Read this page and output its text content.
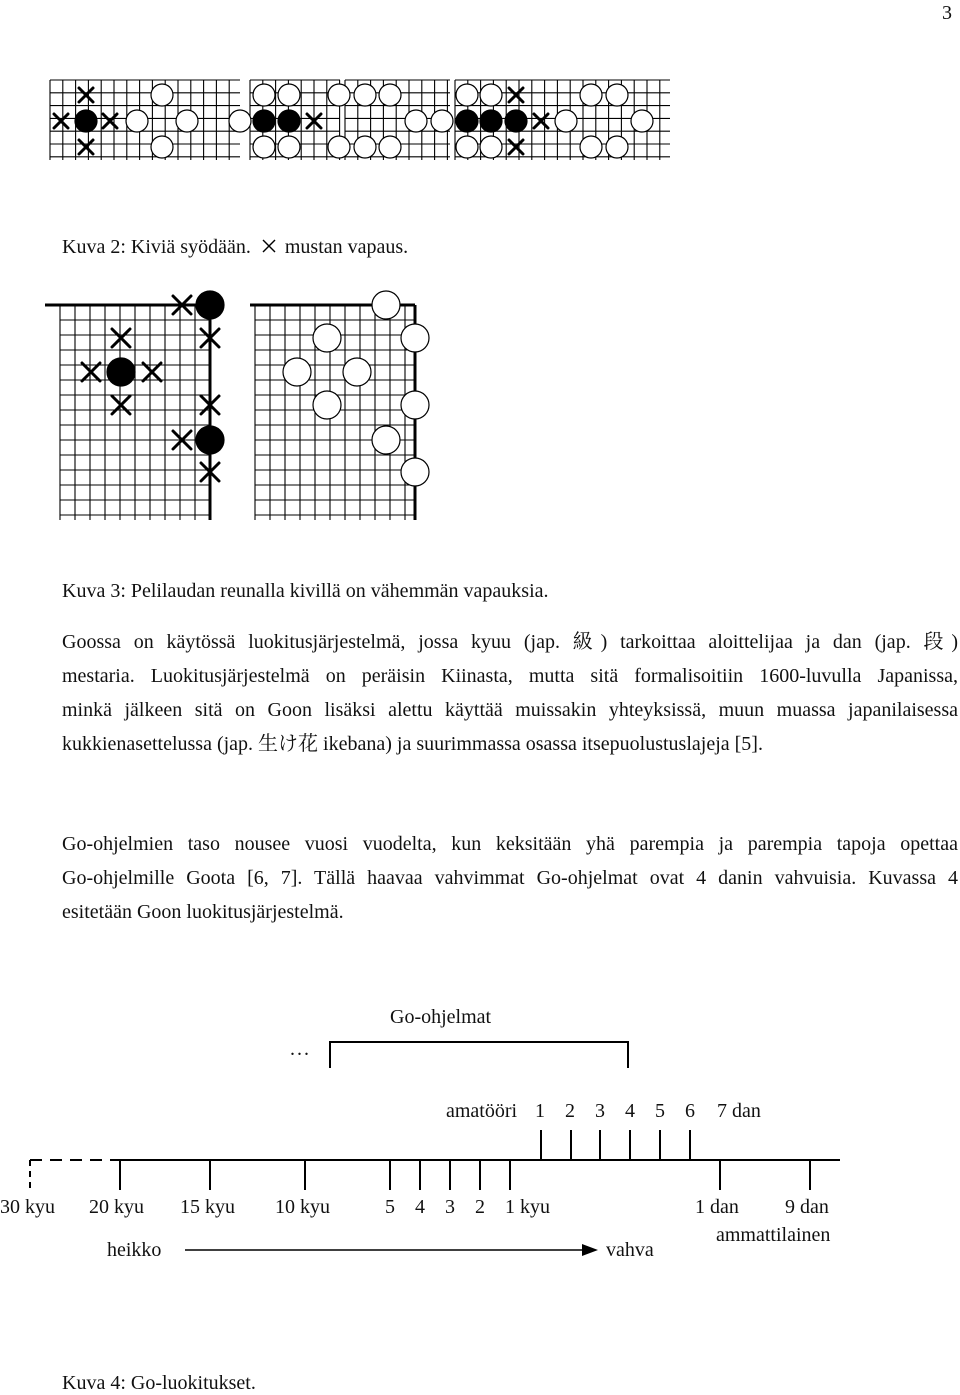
3
Kuva 2: Kiviä syödään. mustan vapaus.
Kuva 3: Pelilaudan reunalla kivillä on vähemmän vapauksia.
Goossa on käytössä luokitusjärjestelmä, jossa kyuu (jap. 級) tarkoittaa aloittelijaa ja dan (jap. 段)
mestaria. Luokitusjärjestelmä on peräisin Kiinasta, mutta sitä formalisoitiin 1600-luvulla Japanissa,
minkä jälkeen sitä on Goon lisäksi alettu käyttää muissakin yhteyksissä, muun muassa japanilaisessa
kukkienasettelussa (jap. 生け花 ikebana) ja suurimmassa osassa itsepuolustuslajeja [5].
Go-ohjelmien taso nousee vuosi vuodelta, kun keksitään yhä parempia ja parempia tapoja opettaa
Go-ohjelmille Goota [6, 7]. Tällä haavaa vahvimmat Go-ohjelmat ovat 4 danin vahvuisia. Kuvassa 4
esitetään Goon luokitusjärjestelmä.
Go-ohjelmat
...
amatööri 1 2 3 4 5 6 7 dan
30 kyu 20 kyu 15 kyu 10 kyu	5 4 3 2 1 kyu	1 dan 9 dan
ammattilainen
heikko	vahva
Kuva 4: Go-luokitukset.
